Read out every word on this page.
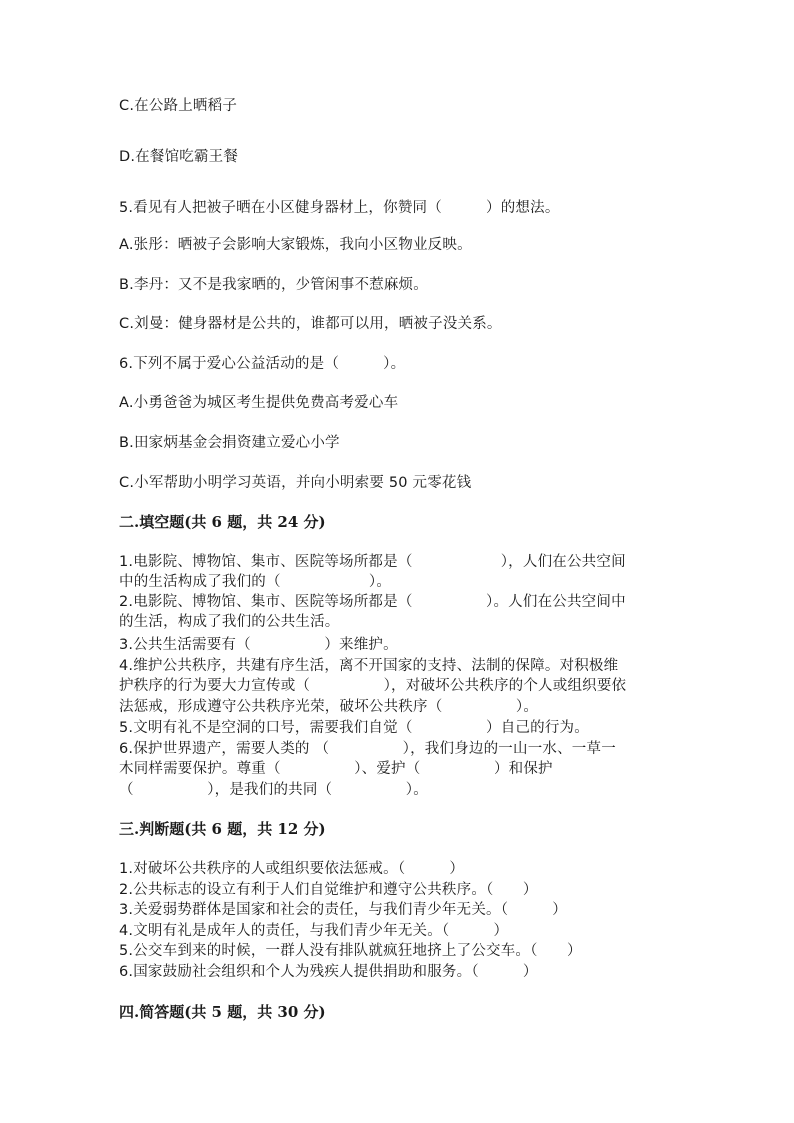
C.在公路上晒稻子
D.在餐馆吃霸王餐
5.看见有人把被子晒在小区健身器材上，你赞同（　　　）的想法。
A.张彤：晒被子会影响大家锻炼，我向小区物业反映。
B.李丹：又不是我家晒的，少管闲事不惹麻烦。
C.刘曼：健身器材是公共的，谁都可以用，晒被子没关系。
6.下列不属于爱心公益活动的是（　　　）。
A.小勇爸爸为城区考生提供免费高考爱心车
B.田家炳基金会捐资建立爱心小学
C.小军帮助小明学习英语，并向小明索要 50 元零花钱
二.填空题(共 6 题，共 24 分)
1.电影院、博物馆、集市、医院等场所都是（　　　　　　），人们在公共空间
中的生活构成了我们的（　　　　　　）。
2.电影院、博物馆、集市、医院等场所都是（　　　　　）。人们在公共空间中
的生活，构成了我们的公共生活。
3.公共生活需要有（　　　　　）来维护。
4.维护公共秩序，共建有序生活，离不开国家的支持、法制的保障。对积极维
护秩序的行为要大力宣传或（　　　　　），对破坏公共秩序的个人或组织要依
法惩戒，形成遵守公共秩序光荣，破坏公共秩序（　　　　　）。
5.文明有礼不是空洞的口号，需要我们自觉（　　　　　）自己的行为。
6.保护世界遗产，需要人类的 （　　　　　），我们身边的一山一水、一草一
木同样需要保护。尊重（　　　　　）、爱护（　　　　　）和保护
（　　　　　），是我们的共同（　　　　　）。
三.判断题(共 6 题，共 12 分)
1.对破坏公共秩序的人或组织要依法惩戒。（　　　）
2.公共标志的设立有利于人们自觉维护和遵守公共秩序。（　　）
3.关爱弱势群体是国家和社会的责任，与我们青少年无关。（　　　）
4.文明有礼是成年人的责任，与我们青少年无关。（　　　）
5.公交车到来的时候，一群人没有排队就疯狂地挤上了公交车。（　　）
6.国家鼓励社会组织和个人为残疾人提供捐助和服务。（　　　）
四.简答题(共 5 题，共 30 分)
